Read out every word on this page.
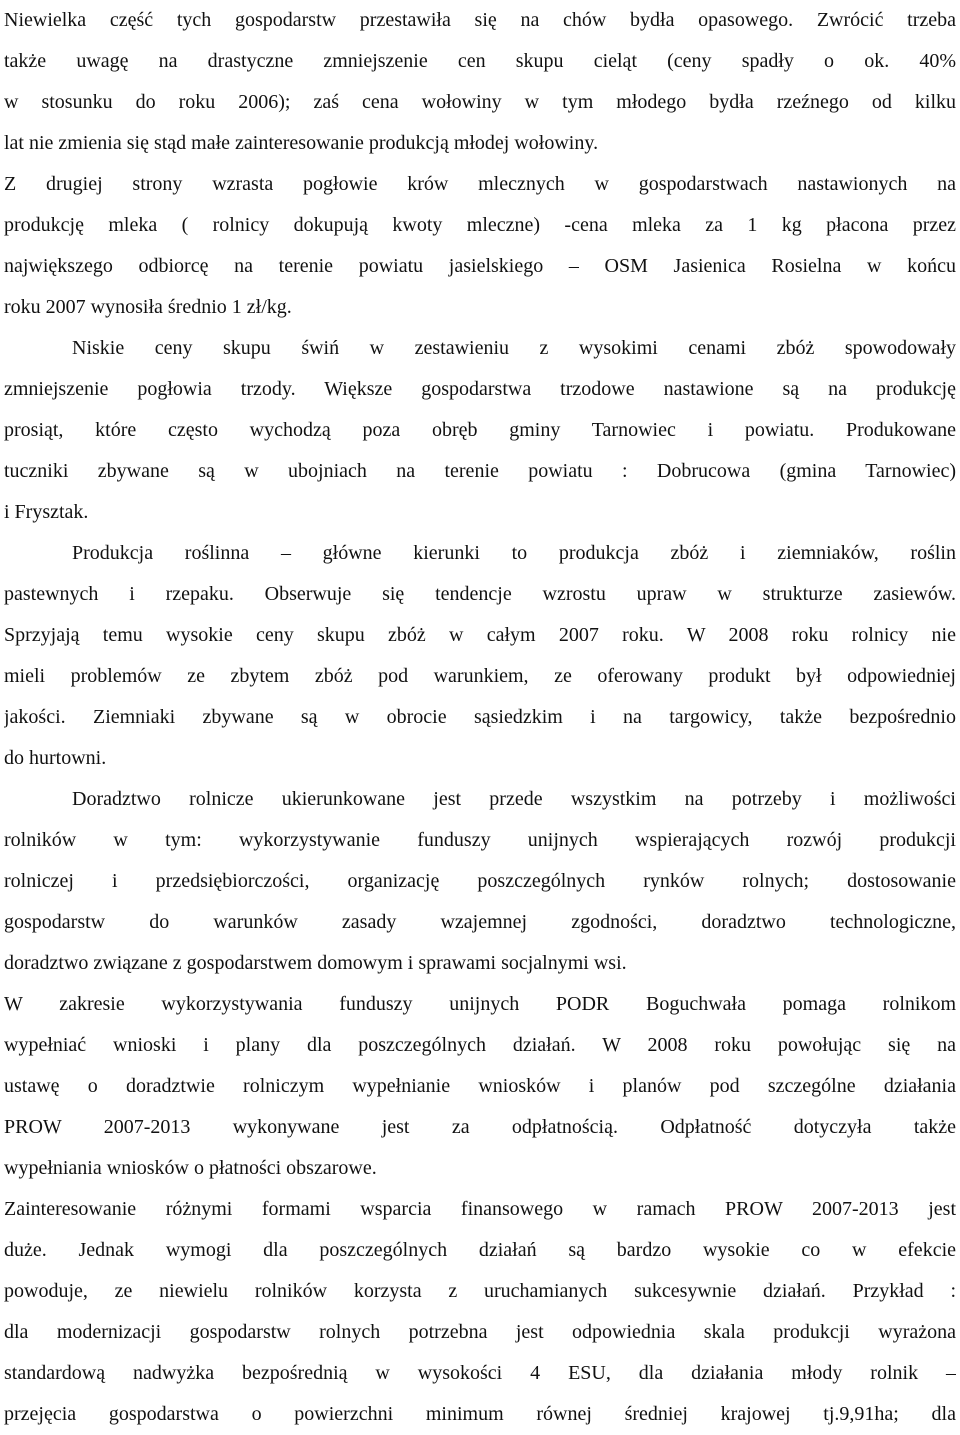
Niewielka część tych gospodarstw przestawiła się na chów bydła opasowego. Zwrócić trzeba
także uwagę na drastyczne zmniejszenie cen skupu cieląt (ceny spadły o ok. 40%
w stosunku do roku 2006); zaś cena wołowiny w tym młodego bydła rzeźnego od kilku
lat nie zmienia się stąd małe zainteresowanie produkcją młodej wołowiny.
Z drugiej strony wzrasta pogłowie krów mlecznych w gospodarstwach nastawionych na
produkcję mleka ( rolnicy dokupują kwoty mleczne) -cena mleka za 1 kg płacona przez
największego odbiorcę na terenie powiatu jasielskiego – OSM Jasienica Rosielna w końcu
roku 2007 wynosiła średnio 1 zł/kg.
Niskie ceny skupu świń w zestawieniu z wysokimi cenami zbóż spowodowały
zmniejszenie pogłowia trzody. Większe gospodarstwa trzodowe nastawione są na produkcję
prosiąt, które często wychodzą poza obręb gminy Tarnowiec i powiatu. Produkowane
tuczniki zbywane są w ubojniach na terenie powiatu : Dobrucowa (gmina Tarnowiec)
i Frysztak.
Produkcja roślinna – główne kierunki to produkcja zbóż i ziemniaków, roślin
pastewnych i rzepaku. Obserwuje się tendencje wzrostu upraw w strukturze zasiewów.
Sprzyjają temu wysokie ceny skupu zbóż w całym 2007 roku. W 2008 roku rolnicy nie
mieli problemów ze zbytem zbóż pod warunkiem, ze oferowany produkt był odpowiedniej
jakości. Ziemniaki zbywane są w obrocie sąsiedzkim i na targowicy, także bezpośrednio
do hurtowni.
Doradztwo rolnicze ukierunkowane jest przede wszystkim na potrzeby i możliwości
rolników w tym: wykorzystywanie funduszy unijnych wspierających rozwój produkcji
rolniczej i przedsiębiorczości, organizację poszczególnych rynków rolnych; dostosowanie
gospodarstw do warunków zasady wzajemnej zgodności, doradztwo technologiczne,
doradztwo związane z gospodarstwem domowym i sprawami socjalnymi wsi.
W zakresie wykorzystywania funduszy unijnych PODR Boguchwała pomaga rolnikom
wypełniać wnioski i plany dla poszczególnych działań. W 2008 roku powołując się na
ustawę o doradztwie rolniczym wypełnianie wniosków i planów pod szczególne działania
PROW 2007-2013 wykonywane jest za odpłatnością. Odpłatność dotyczyła także
wypełniania wniosków o płatności obszarowe.
Zainteresowanie różnymi formami wsparcia finansowego w ramach PROW 2007-2013 jest
duże. Jednak wymogi dla poszczególnych działań są bardzo wysokie co w efekcie
powoduje, ze niewielu rolników korzysta z uruchamianych sukcesywnie działań. Przykład :
dla modernizacji gospodarstw rolnych potrzebna jest odpowiednia skala produkcji wyrażona
standardową nadwyżka bezpośrednią w wysokości 4 ESU, dla działania młody rolnik –
przejęcia gospodarstwa o powierzchni minimum równej średniej krajowej tj.9,91ha; dla
